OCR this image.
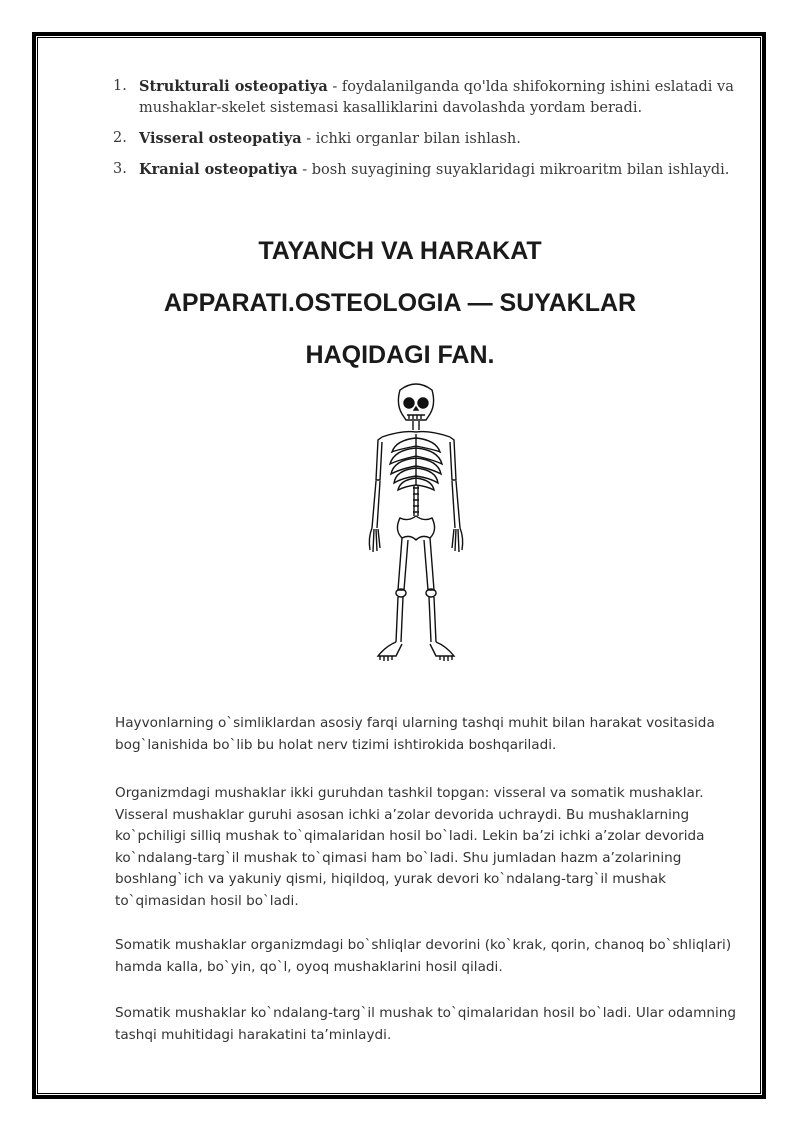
1. Strukturali osteopatiya - foydalanilganda qo'lda shifokorning ishini eslatadi va mushaklar-skelet sistemasi kasalliklarini davolashda yordam beradi.
2. Visseral osteopatiya - ichki organlar bilan ishlash.
3. Kranial osteopatiya - bosh suyagining suyaklaridagi mikroaritm bilan ishlaydi.
TAYANCH VA HARAKAT APPARATI.OSTEOLOGIA — SUYAKLAR HAQIDAGI FAN.

Hayvonlarning o`simliklardan asosiy farqi ularning tashqi muhit bilan harakat vositasida bog`lanishida bo`lib bu holat nerv tizimi ishtirokida boshqariladi.

Organizmdagi mushaklar ikki guruhdan tashkil topgan: visseral va somatik mushaklar. Visseral mushaklar guruhi asosan ichki a’zolar devorida uchraydi. Bu mushaklarning ko`pchiligi silliq mushak to`qimalaridan hosil bo`ladi. Lekin ba’zi ichki a’zolar devorida ko`ndalang-targ`il mushak to`qimasi ham bo`ladi. Shu jumladan hazm a’zolarining boshlang`ich va yakuniy qismi, hiqildoq, yurak devori ko`ndalang-targ`il mushak to`qimasidan hosil bo`ladi.

Somatik mushaklar organizmdagi bo`shliqlar devorini (ko`krak, qorin, chanoq bo`shliqlari) hamda kalla, bo`yin, qo`l, oyoq mushaklarini hosil qiladi.

Somatik mushaklar ko`ndalang-targ`il mushak to`qimalaridan hosil bo`ladi. Ular odamning tashqi muhitidagi harakatini ta’minlaydi.
